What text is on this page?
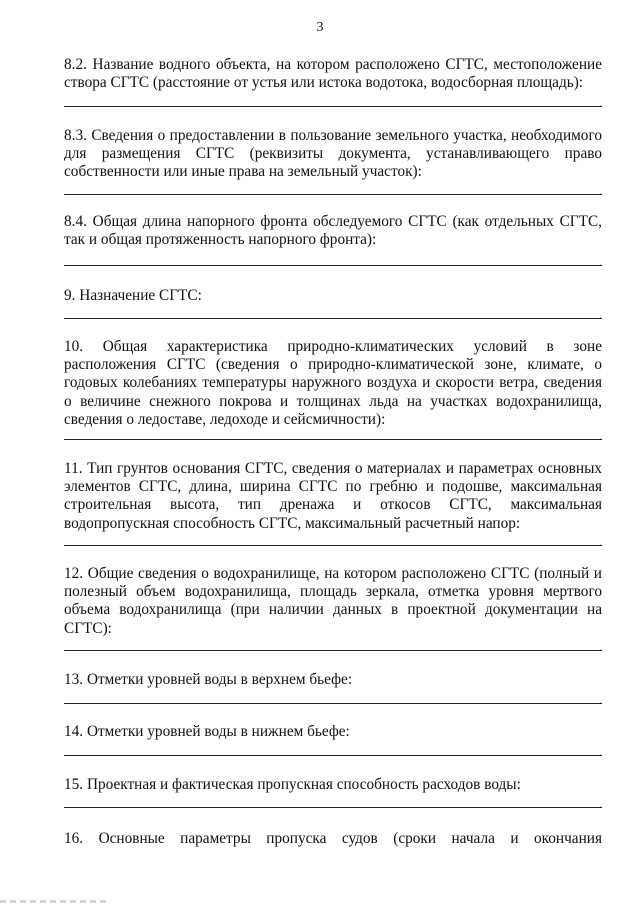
3
8.2. Название водного объекта, на котором расположено СГТС, местоположение створа СГТС (расстояние от устья или истока водотока, водосборная площадь):
.
8.3. Сведения о предоставлении в пользование земельного участка, необходимого для размещения СГТС (реквизиты документа, устанавливающего право собственности или иные права на земельный участок):
.
8.4. Общая длина напорного фронта обследуемого СГТС (как отдельных СГТС, так и общая протяженность напорного фронта):
.
9. Назначение СГТС:
.
10. Общая характеристика природно-климатических условий в зоне расположения СГТС (сведения о природно-климатической зоне, климате, о годовых колебаниях температуры наружного воздуха и скорости ветра, сведения о величине снежного покрова и толщинах льда на участках водохранилища, сведения о ледоставе, ледоходе и сейсмичности):
.
11. Тип грунтов основания СГТС, сведения о материалах и параметрах основных элементов СГТС, длина, ширина СГТС по гребню и подошве, максимальная строительная высота, тип дренажа и откосов СГТС, максимальная водопропускная способность СГТС, максимальный расчетный напор:
.
12. Общие сведения о водохранилище, на котором расположено СГТС (полный и полезный объем водохранилища, площадь зеркала, отметка уровня мертвого объема водохранилища (при наличии данных в проектной документации на СГТС):
.
13. Отметки уровней воды в верхнем бьефе:
.
14. Отметки уровней воды в нижнем бьефе:
.
15. Проектная и фактическая пропускная способность расходов воды:
.
16. Основные параметры пропуска судов (сроки начала и окончания
